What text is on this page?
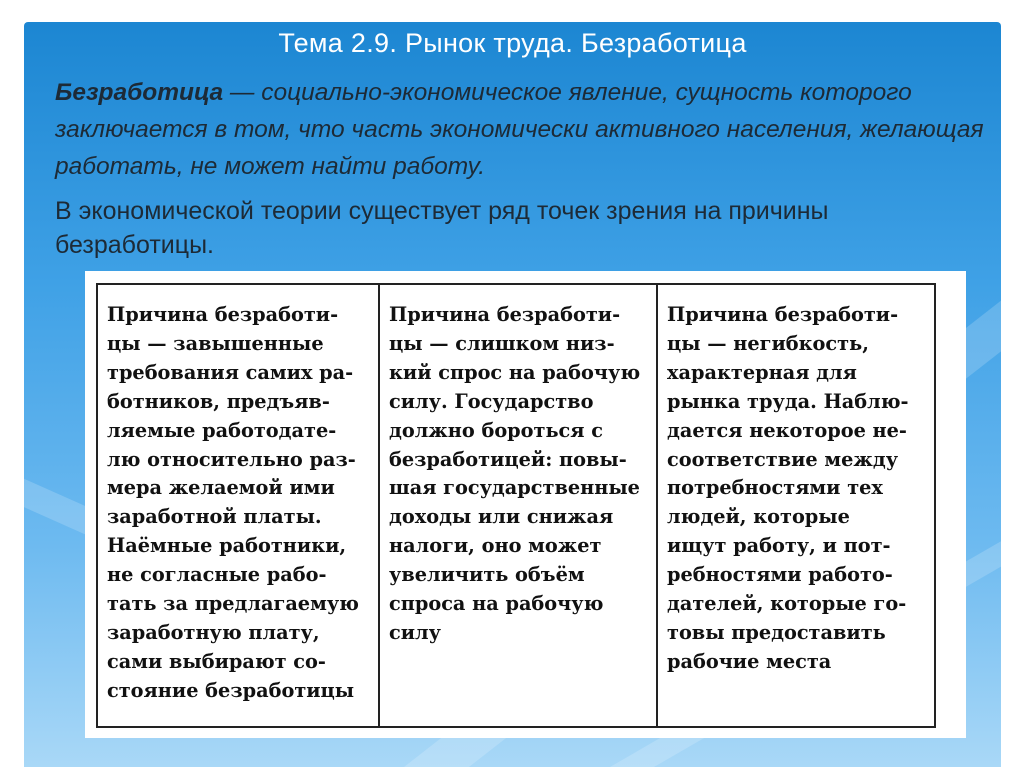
Тема 2.9. Рынок труда. Безработица
Безработица — социально-экономическое явление, сущность которого заключается в том, что часть экономически активного населения, желающая работать, не может найти работу.
В экономической теории существует ряд точек зрения на причины безработицы.
Причина безработи-
цы — завышенные
требования самих ра-
ботников, предъяв-
ляемые работодате-
лю относительно раз-
мера желаемой ими
заработной платы.
Наёмные работники,
не согласные рабо-
тать за предлагаемую
заработную плату,
сами выбирают со-
стояние безработицы
Причина безработи-
цы — слишком низ-
кий спрос на рабочую
силу. Государство
должно бороться с
безработицей: повы-
шая государственные
доходы или снижая
налоги, оно может
увеличить объём
спроса на рабочую
силу
Причина безработи-
цы — негибкость,
характерная для
рынка труда. Наблю-
дается некоторое не-
соответствие между
потребностями тех
людей, которые
ищут работу, и пот-
ребностями работо-
дателей, которые го-
товы предоставить
рабочие места
